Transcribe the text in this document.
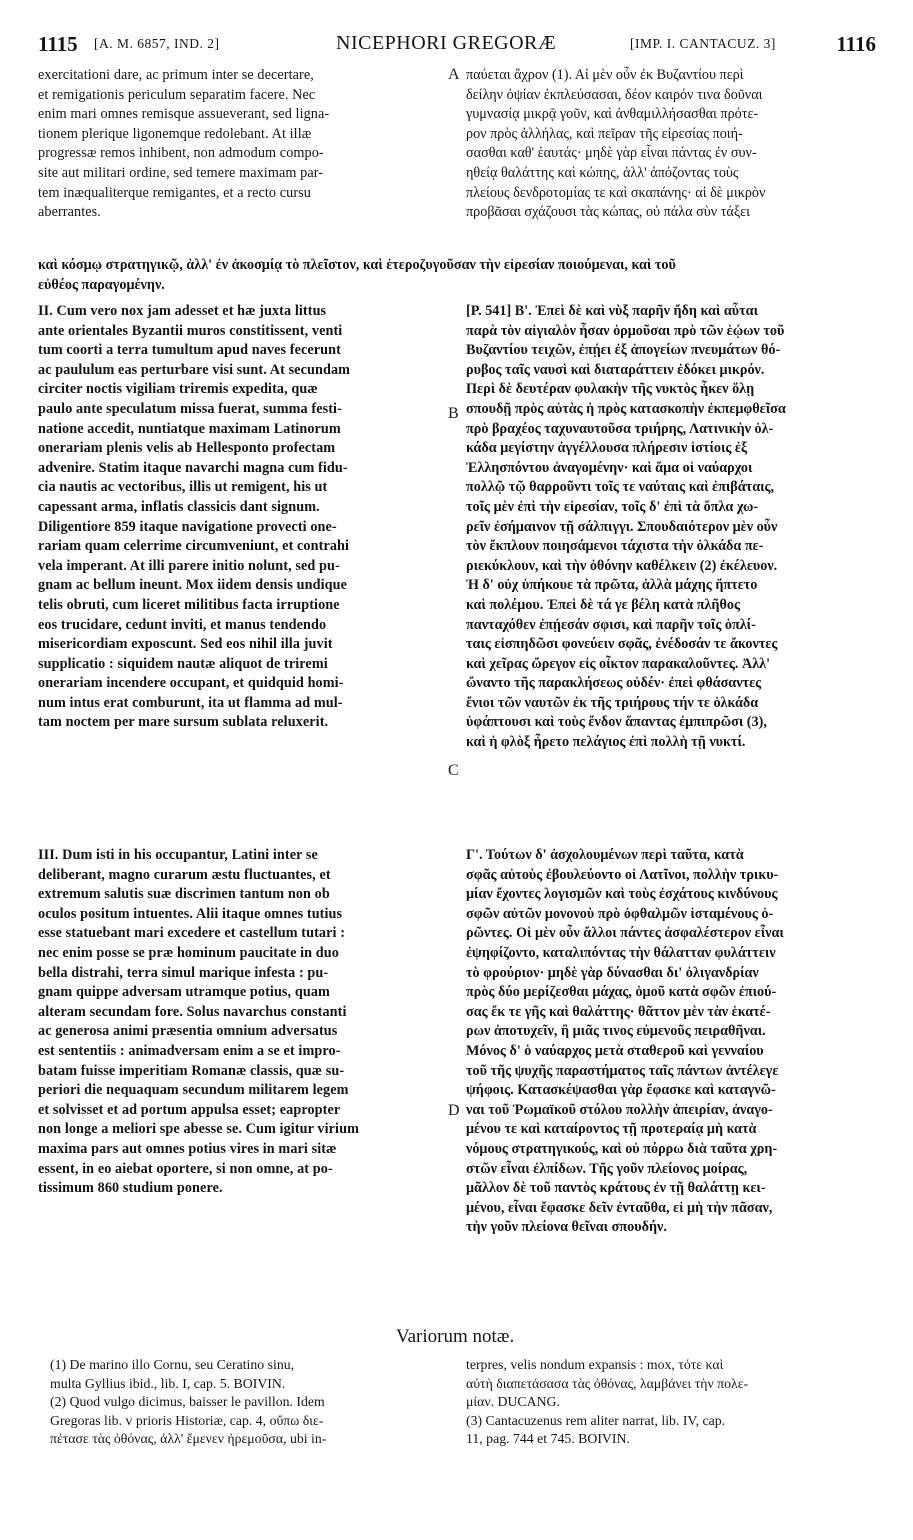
1115 [A. M. 6857, IND. 2]	NICEPHORI GREGORÆ	[IMP. I. CANTACUZ. 3]	1116
A
B
C
D
exercitationi dare, ac primum inter se decertare,
et remigationis periculum separatim facere. Nec
enim mari omnes remisque assueverant, sed ligna-
tionem plerique ligonemque redolebant. At illæ
progressæ remos inhibent, non admodum compo-
site aut militari ordine, sed temere maximam par-
tem inæqualiterque remigantes, et a recto cursu
aberrantes.
παύεται ἄχρον (1). Αἱ μὲν οὖν ἐκ Βυζαντίου περὶ
δείλην ὀψίαν ἐκπλεύσασαι, δέον καιρόν τινα δοῦναι
γυμνασίᾳ μικρᾷ γοῦν, καὶ ἀνθαμιλλήσασθαι πρότε-
ρον πρὸς ἀλλήλας, καὶ πεῖραν τῆς εἰρεσίας ποιή-
σασθαι καθ' ἑαυτάς· μηδὲ γὰρ εἶναι πάντας ἐν συν-
ηθείᾳ θαλάττης καὶ κώπης, ἀλλ' ἀπόζοντας τοὺς
πλείους δενδροτομίας τε καὶ σκαπάνης· αἱ δὲ μικρὸν
προβᾶσαι σχάζουσι τὰς κώπας, οὐ πάλα σὺν τάξει
καὶ κόσμῳ στρατηγικῷ, ἀλλ' ἐν ἀκοσμίᾳ τὸ πλεῖστον, καὶ ἑτεροζυγοῦσαν τὴν εἰρεσίαν ποιούμεναι, καὶ τοῦ
εὐθέος παραγομένην.
II. Cum vero nox jam adesset et hæ juxta littus
ante orientales Byzantii muros constitissent, venti
tum coorti a terra tumultum apud naves fecerunt
ac paululum eas perturbare visi sunt. At secundam
circiter noctis vigiliam triremis expedita, quæ
paulo ante speculatum missa fuerat, summa festi-
natione accedit, nuntiatque maximam Latinorum
onerariam plenis velis ab Hellesponto profectam
advenire. Statim itaque navarchi magna cum fidu-
cia nautis ac vectoribus, illis ut remigent, his ut
capessant arma, inflatis classicis dant signum.
Diligentiore 859 itaque navigatione provecti one-
rariam quam celerrime circumveniunt, et contrahi
vela imperant. At illi parere initio nolunt, sed pu-
gnam ac bellum ineunt. Mox iidem densis undique
telis obruti, cum liceret militibus facta irruptione
eos trucidare, cedunt inviti, et manus tendendo
misericordiam exposcunt. Sed eos nihil illa juvit
supplicatio : siquidem nautæ aliquot de triremi
onerariam incendere occupant, et quidquid homi-
num intus erat comburunt, ita ut flamma ad mul-
tam noctem per mare sursum sublata reluxerit.
[P. 541] B'. Ἐπεὶ δὲ καὶ νὺξ παρῆν ἤδη καὶ αὗται
παρὰ τὸν αἰγιαλὸν ἦσαν ὁρμοῦσαι πρὸ τῶν ἑῴων τοῦ
Βυζαντίου τειχῶν, ἐπῄει ἐξ ἀπογείων πνευμάτων θό-
ρυβος ταῖς ναυσὶ καὶ διαταράττειν ἐδόκει μικρόν.
Περὶ δὲ δευτέραν φυλακὴν τῆς νυκτὸς ἧκεν ὅλῃ
σπουδῇ πρὸς αὐτὰς ἡ πρὸς κατασκοπὴν ἐκπεμφθεῖσα
πρὸ βραχέος ταχυναυτοῦσα τριήρης, Λατινικὴν ὁλ-
κάδα μεγίστην ἀγγέλλουσα πλήρεσιν ἱστίοις ἐξ
Ἑλλησπόντου ἀναγομένην· καὶ ἅμα οἱ ναύαρχοι
πολλῷ τῷ θαρροῦντι τοῖς τε ναύταις καὶ ἐπιβάταις,
τοῖς μὲν ἐπὶ τὴν εἰρεσίαν, τοῖς δ' ἐπὶ τὰ ὅπλα χω-
ρεῖν ἐσήμαινον τῇ σάλπιγγι. Σπουδαιότερον μὲν οὖν
τὸν ἔκπλουν ποιησάμενοι τάχιστα τὴν ὁλκάδα πε-
ριεκύκλουν, καὶ τὴν ὀθόνην καθέλκειν (2) ἐκέλευον.
Ἡ δ' οὐχ ὑπήκουε τὰ πρῶτα, ἀλλὰ μάχης ἥπτετο
καὶ πολέμου. Ἐπεὶ δὲ τά γε βέλη κατὰ πλῆθος
πανταχόθεν ἐπῄεσάν σφισι, καὶ παρῆν τοῖς ὁπλί-
ταις εἰσπηδῶσι φονεύειν σφᾶς, ἐνέδοσάν τε ἄκοντες
καὶ χεῖρας ὤρεγον εἰς οἶκτον παρακαλοῦντες. Ἀλλ'
ὤναντο τῆς παρακλήσεως οὐδέν· ἐπεὶ φθάσαντες
ἔνιοι τῶν ναυτῶν ἐκ τῆς τριήρους τήν τε ὁλκάδα
ὑφάπτουσι καὶ τοὺς ἔνδον ἅπαντας ἐμπιπρῶσι (3),
καὶ ἡ φλὸξ ἦρετο πελάγιος ἐπὶ πολλὴ τῇ νυκτί.
III. Dum isti in his occupantur, Latini inter se
deliberant, magno curarum æstu fluctuantes, et
extremum salutis suæ discrimen tantum non ob
oculos positum intuentes. Alii itaque omnes tutius
esse statuebant mari excedere et castellum tutari :
nec enim posse se præ hominum paucitate in duo
bella distrahi, terra simul marique infesta : pu-
gnam quippe adversam utramque potius, quam
alteram secundam fore. Solus navarchus constanti
ac generosa animi præsentia omnium adversatus
est sententiis : animadversam enim a se et impro-
batam fuisse imperitiam Romanæ classis, quæ su-
periori die nequaquam secundum militarem legem
et solvisset et ad portum appulsa esset; eapropter
non longe a meliori spe abesse se. Cum igitur virium
maxima pars aut omnes potius vires in mari sitæ
essent, in eo aiebat oportere, si non omne, at po-
tissimum 860 studium ponere.
Γ'. Τούτων δ' ἀσχολουμένων περὶ ταῦτα, κατὰ
σφᾶς αὐτοὺς ἐβουλεύοντο οἱ Λατῖνοι, πολλὴν τρικυ-
μίαν ἔχοντες λογισμῶν καὶ τοὺς ἐσχάτους κινδύνους
σφῶν αὐτῶν μονονοὺ πρὸ ὀφθαλμῶν ἱσταμένους ὁ-
ρῶντες. Οἱ μὲν οὖν ἄλλοι πάντες ἀσφαλέστερον εἶναι
ἐψηφίζοντο, καταλιπόντας τὴν θάλατταν φυλάττειν
τὸ φρούριον· μηδὲ γὰρ δύνασθαι δι' ὀλιγανδρίαν
πρὸς δύο μερίζεσθαι μάχας, ὁμοῦ κατὰ σφῶν ἐπιού-
σας ἔκ τε γῆς καὶ θαλάττης· θᾶττον μὲν τὰν ἑκατέ-
ρων ἀποτυχεῖν, ἢ μιᾶς τινος εὐμενοῦς πειραθῆναι.
Μόνος δ' ὁ ναύαρχος μετὰ σταθεροῦ καὶ γενναίου
τοῦ τῆς ψυχῆς παραστήματος ταῖς πάντων ἀντέλεγε
ψήφοις. Κατασκέψασθαι γὰρ ἔφασκε καὶ καταγνῶ-
ναι τοῦ Ῥωμαϊκοῦ στόλου πολλὴν ἀπειρίαν, ἀναγο-
μένου τε καὶ καταίροντος τῇ προτεραίᾳ μὴ κατὰ
νόμους στρατηγικούς, καὶ οὐ πόρρω διὰ ταῦτα χρη-
στῶν εἶναι ἐλπίδων. Τῆς γοῦν πλείονος μοίρας,
μᾶλλον δὲ τοῦ παντὸς κράτους ἐν τῇ θαλάττῃ κει-
μένου, εἶναι ἔφασκε δεῖν ἐνταῦθα, εἰ μὴ τὴν πᾶσαν,
τὴν γοῦν πλείονα θεῖναι σπουδήν.
Variorum notæ.
(1) De marino illo Cornu, seu Ceratino sinu,
multa Gyllius ibid., lib. I, cap. 5. BOIVIN.
(2) Quod vulgo dicimus, baisser le pavillon. Idem
Gregoras lib. v prioris Historiæ, cap. 4, οὔπω διε-
πέτασε τὰς ὀθόνας, ἀλλ' ἔμενεν ἠρεμοῦσα, ubi in-
terpres, velis nondum expansis : mox, τότε καὶ
αὐτὴ διαπετάσασα τὰς ὀθόνας, λαμβάνει τὴν πολε-
μίαν. DUCANG.
(3) Cantacuzenus rem aliter narrat, lib. IV, cap.
11, pag. 744 et 745. BOIVIN.
